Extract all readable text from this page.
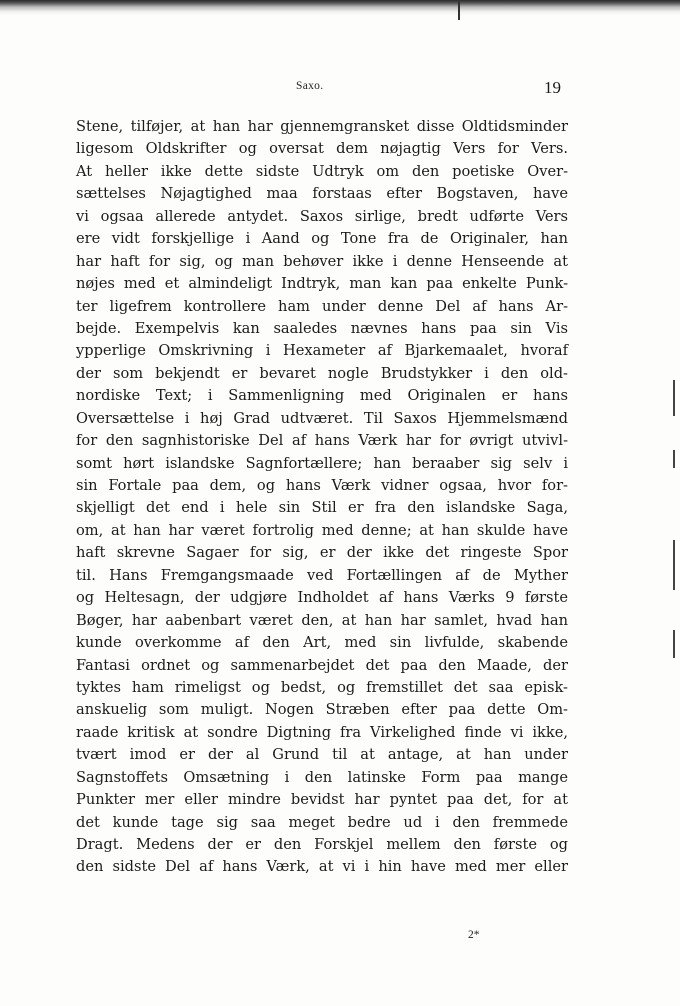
Saxo.	19
Stene, tilføjer, at han har gjennemgransket disse Oldtidsminder
ligesom Oldskrifter og oversat dem nøjagtig Vers for Vers.
At heller ikke dette sidste Udtryk om den poetiske Over-
sættelses Nøjagtighed maa forstaas efter Bogstaven, have
vi ogsaa allerede antydet. Saxos sirlige, bredt udførte Vers
ere vidt forskjellige i Aand og Tone fra de Originaler, han
har haft for sig, og man behøver ikke i denne Henseende at
nøjes med et almindeligt Indtryk, man kan paa enkelte Punk-
ter ligefrem kontrollere ham under denne Del af hans Ar-
bejde. Exempelvis kan saaledes nævnes hans paa sin Vis
ypperlige Omskrivning i Hexameter af Bjarkemaalet, hvoraf
der som bekjendt er bevaret nogle Brudstykker i den old-
nordiske Text; i Sammenligning med Originalen er hans
Oversættelse i høj Grad udtværet. Til Saxos Hjemmelsmænd
for den sagnhistoriske Del af hans Værk har for øvrigt utvivl-
somt hørt islandske Sagnfortællere; han beraaber sig selv i
sin Fortale paa dem, og hans Værk vidner ogsaa, hvor for-
skjelligt det end i hele sin Stil er fra den islandske Saga,
om, at han har været fortrolig med denne; at han skulde have
haft skrevne Sagaer for sig, er der ikke det ringeste Spor
til. Hans Fremgangsmaade ved Fortællingen af de Myther
og Heltesagn, der udgjøre Indholdet af hans Værks 9 første
Bøger, har aabenbart været den, at han har samlet, hvad han
kunde overkomme af den Art, med sin livfulde, skabende
Fantasi ordnet og sammenarbejdet det paa den Maade, der
tyktes ham rimeligst og bedst, og fremstillet det saa episk-
anskuelig som muligt. Nogen Stræben efter paa dette Om-
raade kritisk at sondre Digtning fra Virkelighed finde vi ikke,
tvært imod er der al Grund til at antage, at han under
Sagnstoffets Omsætning i den latinske Form paa mange
Punkter mer eller mindre bevidst har pyntet paa det, for at
det kunde tage sig saa meget bedre ud i den fremmede
Dragt. Medens der er den Forskjel mellem den første og
den sidste Del af hans Værk, at vi i hin have med mer eller
2*
